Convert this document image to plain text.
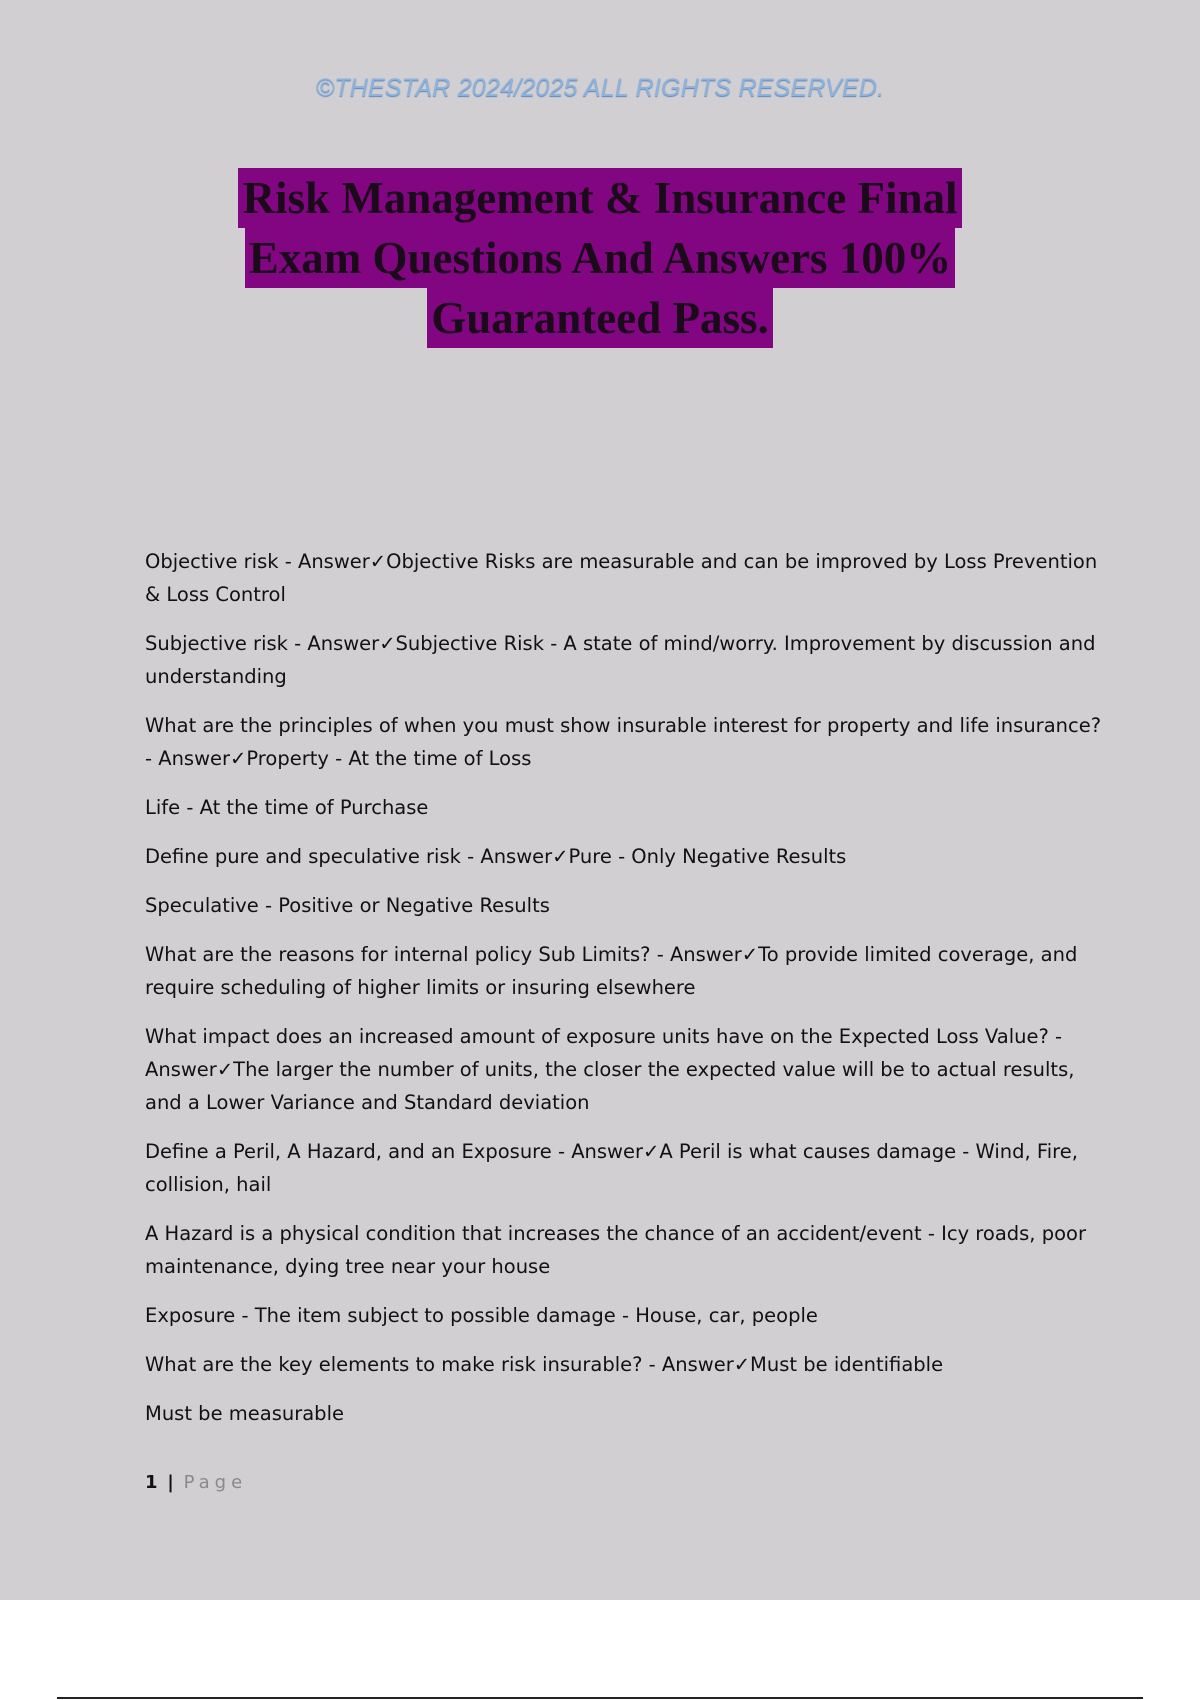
©THESTAR 2024/2025 ALL RIGHTS RESERVED.
Risk Management & Insurance Final
Exam Questions And Answers 100%
Guaranteed Pass.

Objective risk - Answer✓Objective Risks are measurable and can be improved by Loss Prevention & Loss Control

Subjective risk - Answer✓Subjective Risk - A state of mind/worry. Improvement by discussion and understanding

What are the principles of when you must show insurable interest for property and life insurance? - Answer✓Property - At the time of Loss

Life - At the time of Purchase

Define pure and speculative risk - Answer✓Pure - Only Negative Results

Speculative - Positive or Negative Results

What are the reasons for internal policy Sub Limits? - Answer✓To provide limited coverage, and require scheduling of higher limits or insuring elsewhere

What impact does an increased amount of exposure units have on the Expected Loss Value? - Answer✓The larger the number of units, the closer the expected value will be to actual results, and a Lower Variance and Standard deviation

Define a Peril, A Hazard, and an Exposure - Answer✓A Peril is what causes damage - Wind, Fire, collision, hail

A Hazard is a physical condition that increases the chance of an accident/event - Icy roads, poor maintenance, dying tree near your house

Exposure - The item subject to possible damage - House, car, people

What are the key elements to make risk insurable? - Answer✓Must be identifiable

Must be measurable

1 | Page
